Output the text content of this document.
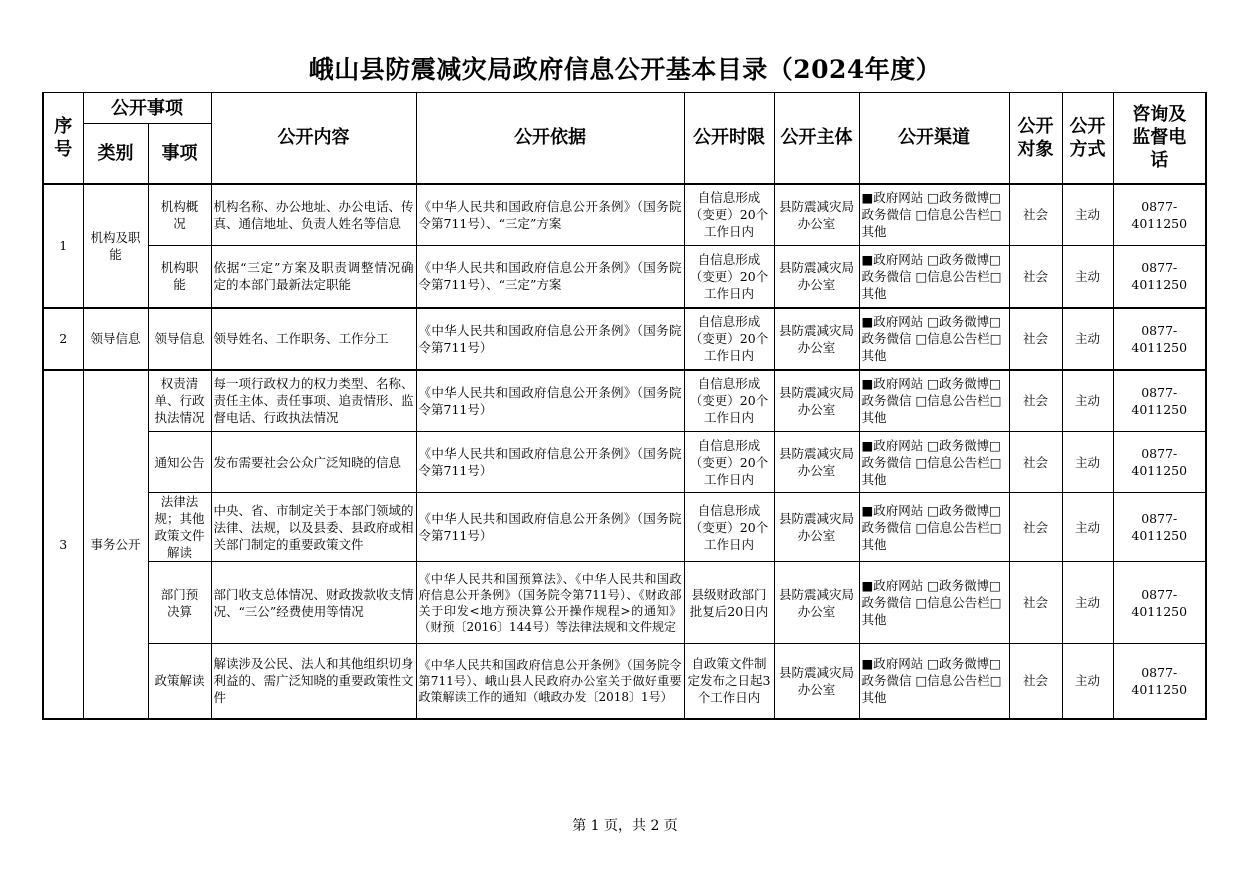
峨山县防震减灾局政府信息公开基本目录（2024年度）
序号	公开事项		公开内容	公开依据	公开时限	公开主体	公开渠道	公开对象	公开方式	咨询及监督电话
	类别	事项								
1	机构及职能	机构概况	机构名称、办公地址、办公电话、传真、通信地址、负责人姓名等信息	《中华人民共和国政府信息公开条例》（国务院令第711号）、“三定”方案	自信息形成（变更）20个工作日内	县防震减灾局办公室	■政府网站 □政务微博□政务微信 □信息公告栏□其他	社会	主动	0877-4011250
		机构职能	依据“三定”方案及职责调整情况确定的本部门最新法定职能	《中华人民共和国政府信息公开条例》（国务院令第711号）、“三定”方案	自信息形成（变更）20个工作日内	县防震减灾局办公室	■政府网站 □政务微博□政务微信 □信息公告栏□其他	社会	主动	0877-4011250
2	领导信息	领导信息	领导姓名、工作职务、工作分工	《中华人民共和国政府信息公开条例》（国务院令第711号）	自信息形成（变更）20个工作日内	县防震减灾局办公室	■政府网站 □政务微博□政务微信 □信息公告栏□其他	社会	主动	0877-4011250
3	事务公开	权责清单、行政执法情况	每一项行政权力的权力类型、名称、责任主体、责任事项、追责情形、监督电话、行政执法情况	《中华人民共和国政府信息公开条例》（国务院令第711号）	自信息形成（变更）20个工作日内	县防震减灾局办公室	■政府网站 □政务微博□政务微信 □信息公告栏□其他	社会	主动	0877-4011250
		通知公告	发布需要社会公众广泛知晓的信息	《中华人民共和国政府信息公开条例》（国务院令第711号）	自信息形成（变更）20个工作日内	县防震减灾局办公室	■政府网站 □政务微博□政务微信 □信息公告栏□其他	社会	主动	0877-4011250
		法律法规；其他政策文件解读	中央、省、市制定关于本部门领域的法律、法规，以及县委、县政府或相关部门制定的重要政策文件	《中华人民共和国政府信息公开条例》（国务院令第711号）	自信息形成（变更）20个工作日内	县防震减灾局办公室	■政府网站 □政务微博□政务微信 □信息公告栏□其他	社会	主动	0877-4011250
		部门预决算	部门收支总体情况、财政拨款收支情况、“三公”经费使用等情况	《中华人民共和国预算法》、《中华人民共和国政府信息公开条例》（国务院令第711号）、《财政部关于印发<地方预决算公开操作规程>的通知》（财预〔2016〕144号）等法律法规和文件规定	县级财政部门批复后20日内	县防震减灾局办公室	■政府网站 □政务微博□政务微信 □信息公告栏□其他	社会	主动	0877-4011250
		政策解读	解读涉及公民、法人和其他组织切身利益的、需广泛知晓的重要政策性文件	《中华人民共和国政府信息公开条例》（国务院令第711号）、峨山县人民政府办公室关于做好重要政策解读工作的通知（峨政办发〔2018〕1号）	自政策文件制定发布之日起3个工作日内	县防震减灾局办公室	■政府网站 □政务微博□政务微信 □信息公告栏□其他	社会	主动	0877-4011250
第 1 页，共 2 页
